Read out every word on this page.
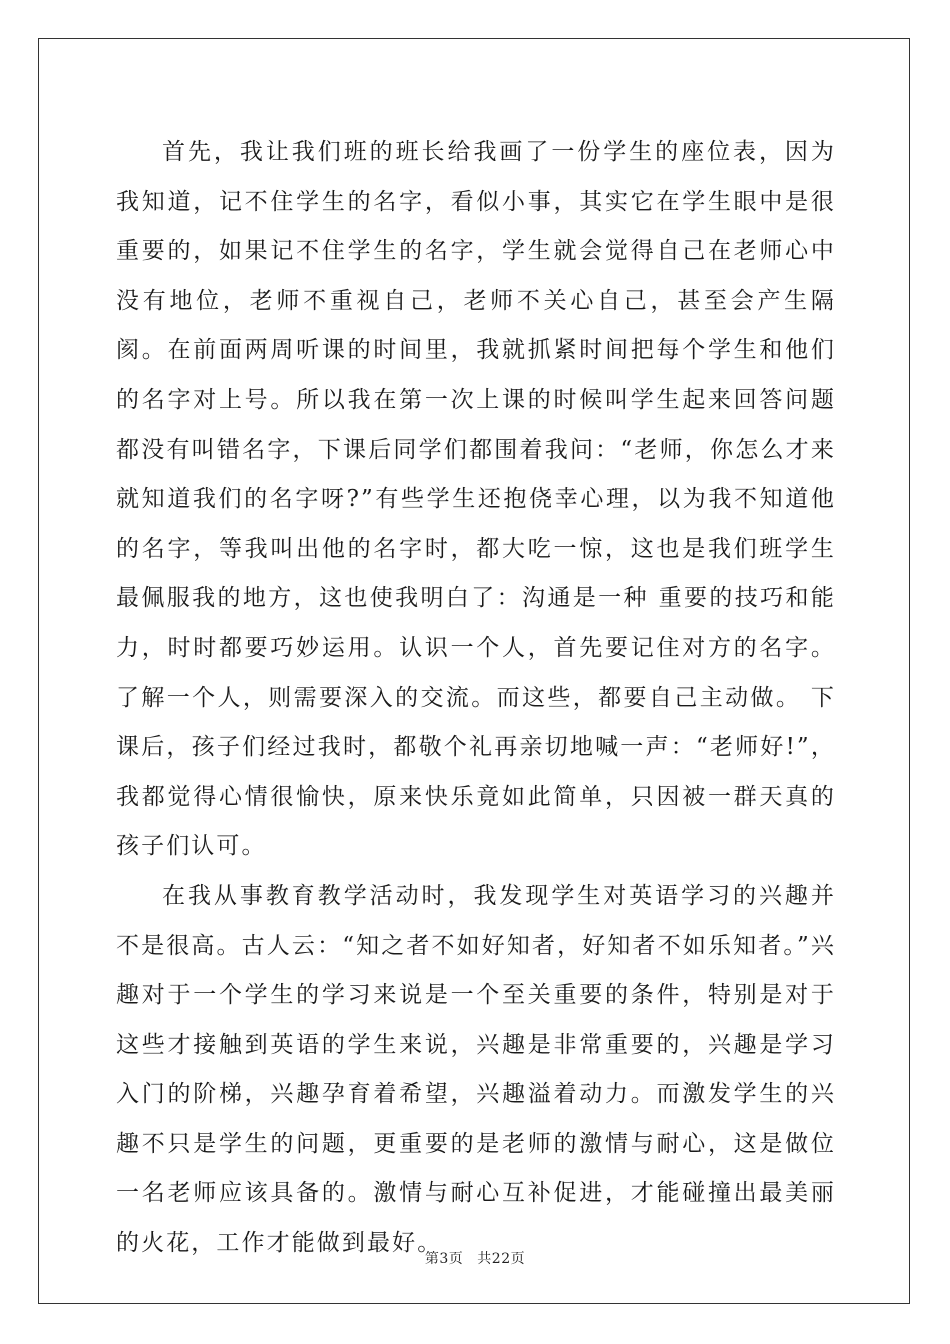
首先，我让我们班的班长给我画了一份学生的座位表，因为我知道，记不住学生的名字，看似小事，其实它在学生眼中是很重要的，如果记不住学生的名字，学生就会觉得自己在老师心中没有地位，老师不重视自己，老师不关心自己，甚至会产生隔阂。在前面两周听课的时间里，我就抓紧时间把每个学生和他们的名字对上号。所以我在第一次上课的时候叫学生起来回答问题都没有叫错名字，下课后同学们都围着我问：“老师，你怎么才来就知道我们的名字呀?”有些学生还抱侥幸心理，以为我不知道他的名字，等我叫出他的名字时，都大吃一惊，这也是我们班学生最佩服我的地方，这也使我明白了：沟通是一种 重要的技巧和能力，时时都要巧妙运用。认识一个人，首先要记住对方的名字。了解一个人，则需要深入的交流。而这些，都要自己主动做。 下课后，孩子们经过我时，都敬个礼再亲切地喊一声：“老师好!”，我都觉得心情很愉快，原来快乐竟如此简单，只因被一群天真的孩子们认可。

在我从事教育教学活动时，我发现学生对英语学习的兴趣并不是很高。古人云：“知之者不如好知者，好知者不如乐知者。”兴趣对于一个学生的学习来说是一个至关重要的条件，特别是对于这些才接触到英语的学生来说，兴趣是非常重要的，兴趣是学习入门的阶梯，兴趣孕育着希望，兴趣溢着动力。而激发学生的兴趣不只是学生的问题，更重要的是老师的激情与耐心，这是做位一名老师应该具备的。激情与耐心互补促进，才能碰撞出最美丽的火花，工作才能做到最好。

第3页 共22页
